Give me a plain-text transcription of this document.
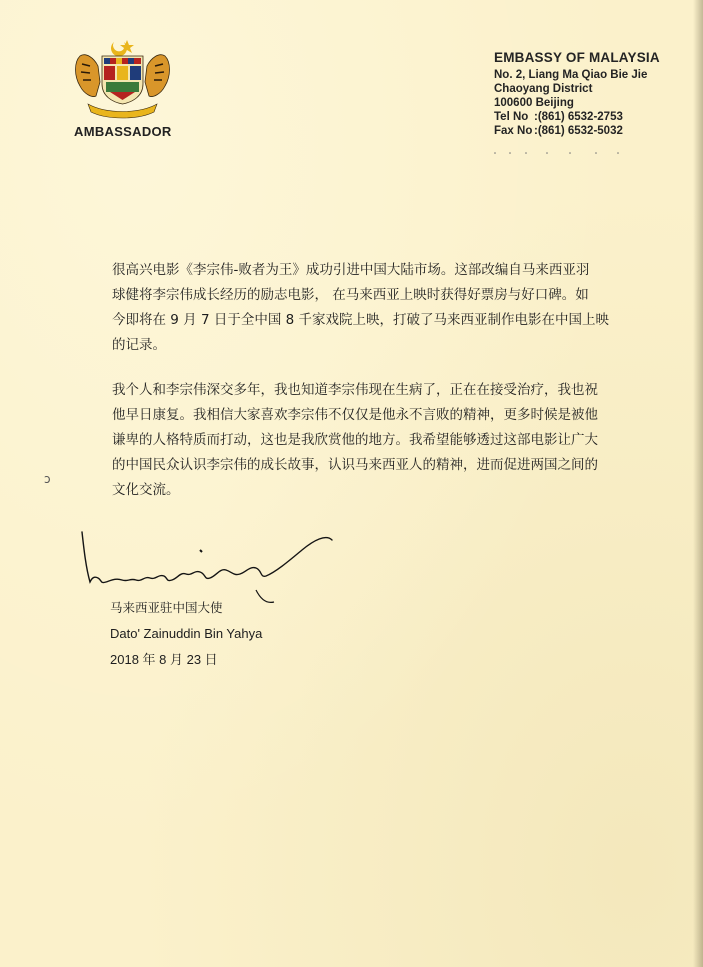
AMBASSADOR
EMBASSY OF MALAYSIA
No. 2, Liang Ma Qiao Bie Jie
Chaoyang District
100600 Beijing
Tel No :(861) 6532-2753
Fax No :(861) 6532-5032
ɔ

很高兴电影《李宗伟-败者为王》成功引进中国大陆市场。这部改编自马来西亚羽
球健将李宗伟成长经历的励志电影， 在马来西亚上映时获得好票房与好口碑。如
今即将在 9 月 7 日于全中国 8 千家戏院上映，打破了马来西亚制作电影在中国上映
的记录。

我个人和李宗伟深交多年，我也知道李宗伟现在生病了，正在在接受治疗，我也祝
他早日康复。我相信大家喜欢李宗伟不仅仅是他永不言败的精神，更多时候是被他
谦卑的人格特质而打动，这也是我欣赏他的地方。我希望能够透过这部电影让广大
的中国民众认识李宗伟的成长故事，认识马来西亚人的精神，进而促进两国之间的
文化交流。

马来西亚驻中国大使
Dato' Zainuddin Bin Yahya
2018 年 8 月 23 日
